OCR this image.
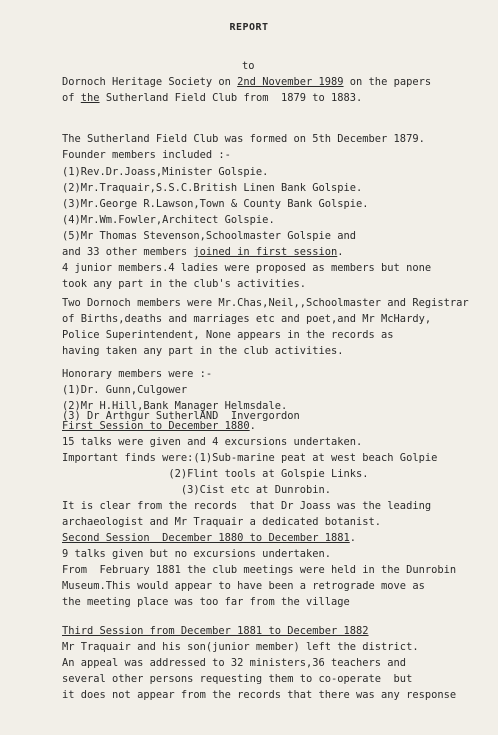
REPORT
to
Dornoch Heritage Society on 2nd November 1989 on the papers
of the Sutherland Field Club from  1879 to 1883.
The Sutherland Field Club was formed on 5th December 1879.
Founder members included :-
(1)Rev.Dr.Joass,Minister Golspie.
(2)Mr.Traquair,S.S.C.British Linen Bank Golspie.
(3)Mr.George R.Lawson,Town & County Bank Golspie.
(4)Mr.Wm.Fowler,Architect Golspie.
(5)Mr Thomas Stevenson,Schoolmaster Golspie and
and 33 other members joined in first session.
4 junior members.4 ladies were proposed as members but none
took any part in the club's activities.
Two Dornoch members were Mr.Chas,Neil,,Schoolmaster and Registrar
of Births,deaths and marriages etc and poet,and Mr McHardy,
Police Superintendent, None appears in the records as
having taken any part in the club activities.
Honorary members were :-
(1)Dr. Gunn,Culgower
(2)Mr H.Hill,Bank Manager Helmsdale.
(3) Dr Arthgur SutherlAND  Invergordon
First Session to December 1880.
15 talks were given and 4 excursions undertaken.
Important finds were:(1)Sub-marine peat at west beach Golpie
(2)Flint tools at Golspie Links.
(3)Cist etc at Dunrobin.
It is clear from the records  that Dr Joass was the leading
archaeologist and Mr Traquair a dedicated botanist.
Second Session  December 1880 to December 1881.
9 talks given but no excursions undertaken.
From  February 1881 the club meetings were held in the Dunrobin
Museum.This would appear to have been a retrograde move as
the meeting place was too far from the village
Third Session from December 1881 to December 1882
Mr Traquair and his son(junior member) left the district.
An appeal was addressed to 32 ministers,36 teachers and
several other persons requesting them to co-operate  but
it does not appear from the records that there was any response
